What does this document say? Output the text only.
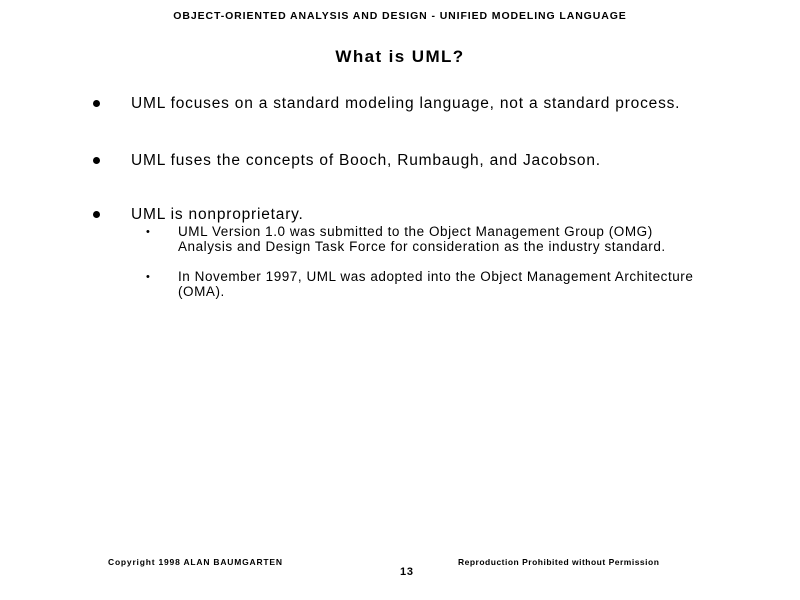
OBJECT-ORIENTED ANALYSIS AND DESIGN - UNIFIED MODELING LANGUAGE
What is UML?

UML focuses on a standard modeling language, not a standard process.

UML fuses the concepts of Booch, Rumbaugh, and Jacobson.

UML is nonproprietary.

• UML Version 1.0 was submitted to the Object Management Group (OMG) Analysis and Design Task Force for consideration as the industry standard.

• In November 1997, UML was adopted into the Object Management Architecture (OMA).

Copyright 1998 ALAN BAUMGARTEN
13
Reproduction Prohibited without Permission
